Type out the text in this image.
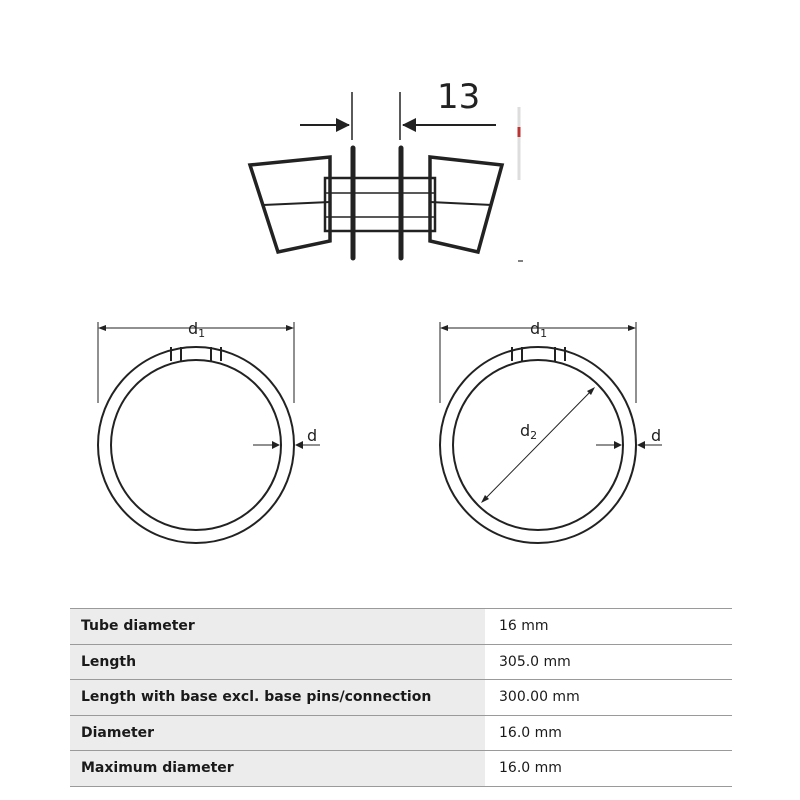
13
d1
d
d1
d2	d
Tube diameter	16 mm
Length	305.0 mm
Length with base excl. base pins/connection	300.00 mm
Diameter	16.0 mm
Maximum diameter	16.0 mm
